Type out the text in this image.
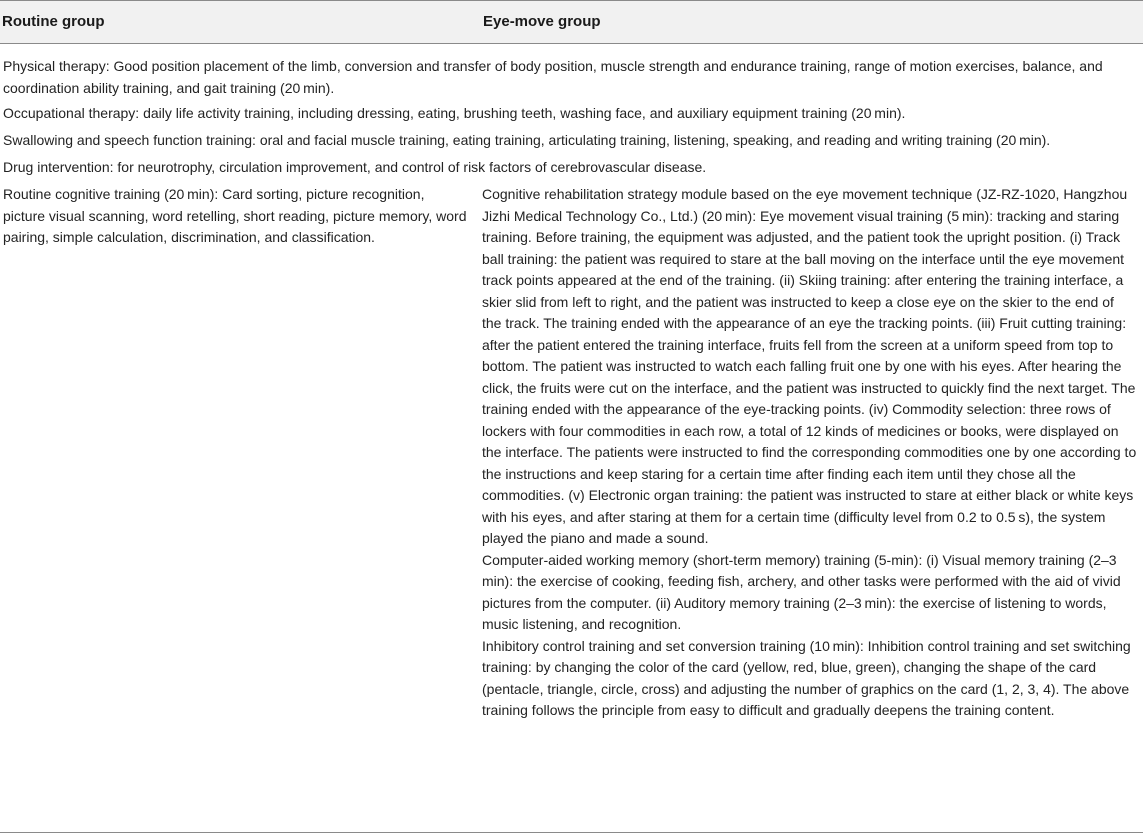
Routine group	Eye-move group
Physical therapy: Good position placement of the limb, conversion and transfer of body position, muscle strength and endurance training, range of motion exercises, balance, and coordination ability training, and gait training (20 min).
Occupational therapy: daily life activity training, including dressing, eating, brushing teeth, washing face, and auxiliary equipment training (20 min).
Swallowing and speech function training: oral and facial muscle training, eating training, articulating training, listening, speaking, and reading and writing training (20 min).
Drug intervention: for neurotrophy, circulation improvement, and control of risk factors of cerebrovascular disease.
Routine cognitive training (20 min): Card sorting, picture recognition, picture visual scanning, word retelling, short reading, picture memory, word pairing, simple calculation, discrimination, and classification.
Cognitive rehabilitation strategy module based on the eye movement technique (JZ-RZ-1020, Hangzhou Jizhi Medical Technology Co., Ltd.) (20 min): Eye movement visual training (5 min): tracking and staring training. Before training, the equipment was adjusted, and the patient took the upright position. (i) Track ball training: the patient was required to stare at the ball moving on the interface until the eye movement track points appeared at the end of the training. (ii) Skiing training: after entering the training interface, a skier slid from left to right, and the patient was instructed to keep a close eye on the skier to the end of the track. The training ended with the appearance of an eye the tracking points. (iii) Fruit cutting training: after the patient entered the training interface, fruits fell from the screen at a uniform speed from top to bottom. The patient was instructed to watch each falling fruit one by one with his eyes. After hearing the click, the fruits were cut on the interface, and the patient was instructed to quickly find the next target. The training ended with the appearance of the eye-tracking points. (iv) Commodity selection: three rows of lockers with four commodities in each row, a total of 12 kinds of medicines or books, were displayed on the interface. The patients were instructed to find the corresponding commodities one by one according to the instructions and keep staring for a certain time after finding each item until they chose all the commodities. (v) Electronic organ training: the patient was instructed to stare at either black or white keys with his eyes, and after staring at them for a certain time (difficulty level from 0.2 to 0.5 s), the system played the piano and made a sound.
Computer-aided working memory (short-term memory) training (5-min): (i) Visual memory training (2–3 min): the exercise of cooking, feeding fish, archery, and other tasks were performed with the aid of vivid pictures from the computer. (ii) Auditory memory training (2–3 min): the exercise of listening to words, music listening, and recognition.
Inhibitory control training and set conversion training (10 min): Inhibition control training and set switching training: by changing the color of the card (yellow, red, blue, green), changing the shape of the card (pentacle, triangle, circle, cross) and adjusting the number of graphics on the card (1, 2, 3, 4). The above training follows the principle from easy to difficult and gradually deepens the training content.
